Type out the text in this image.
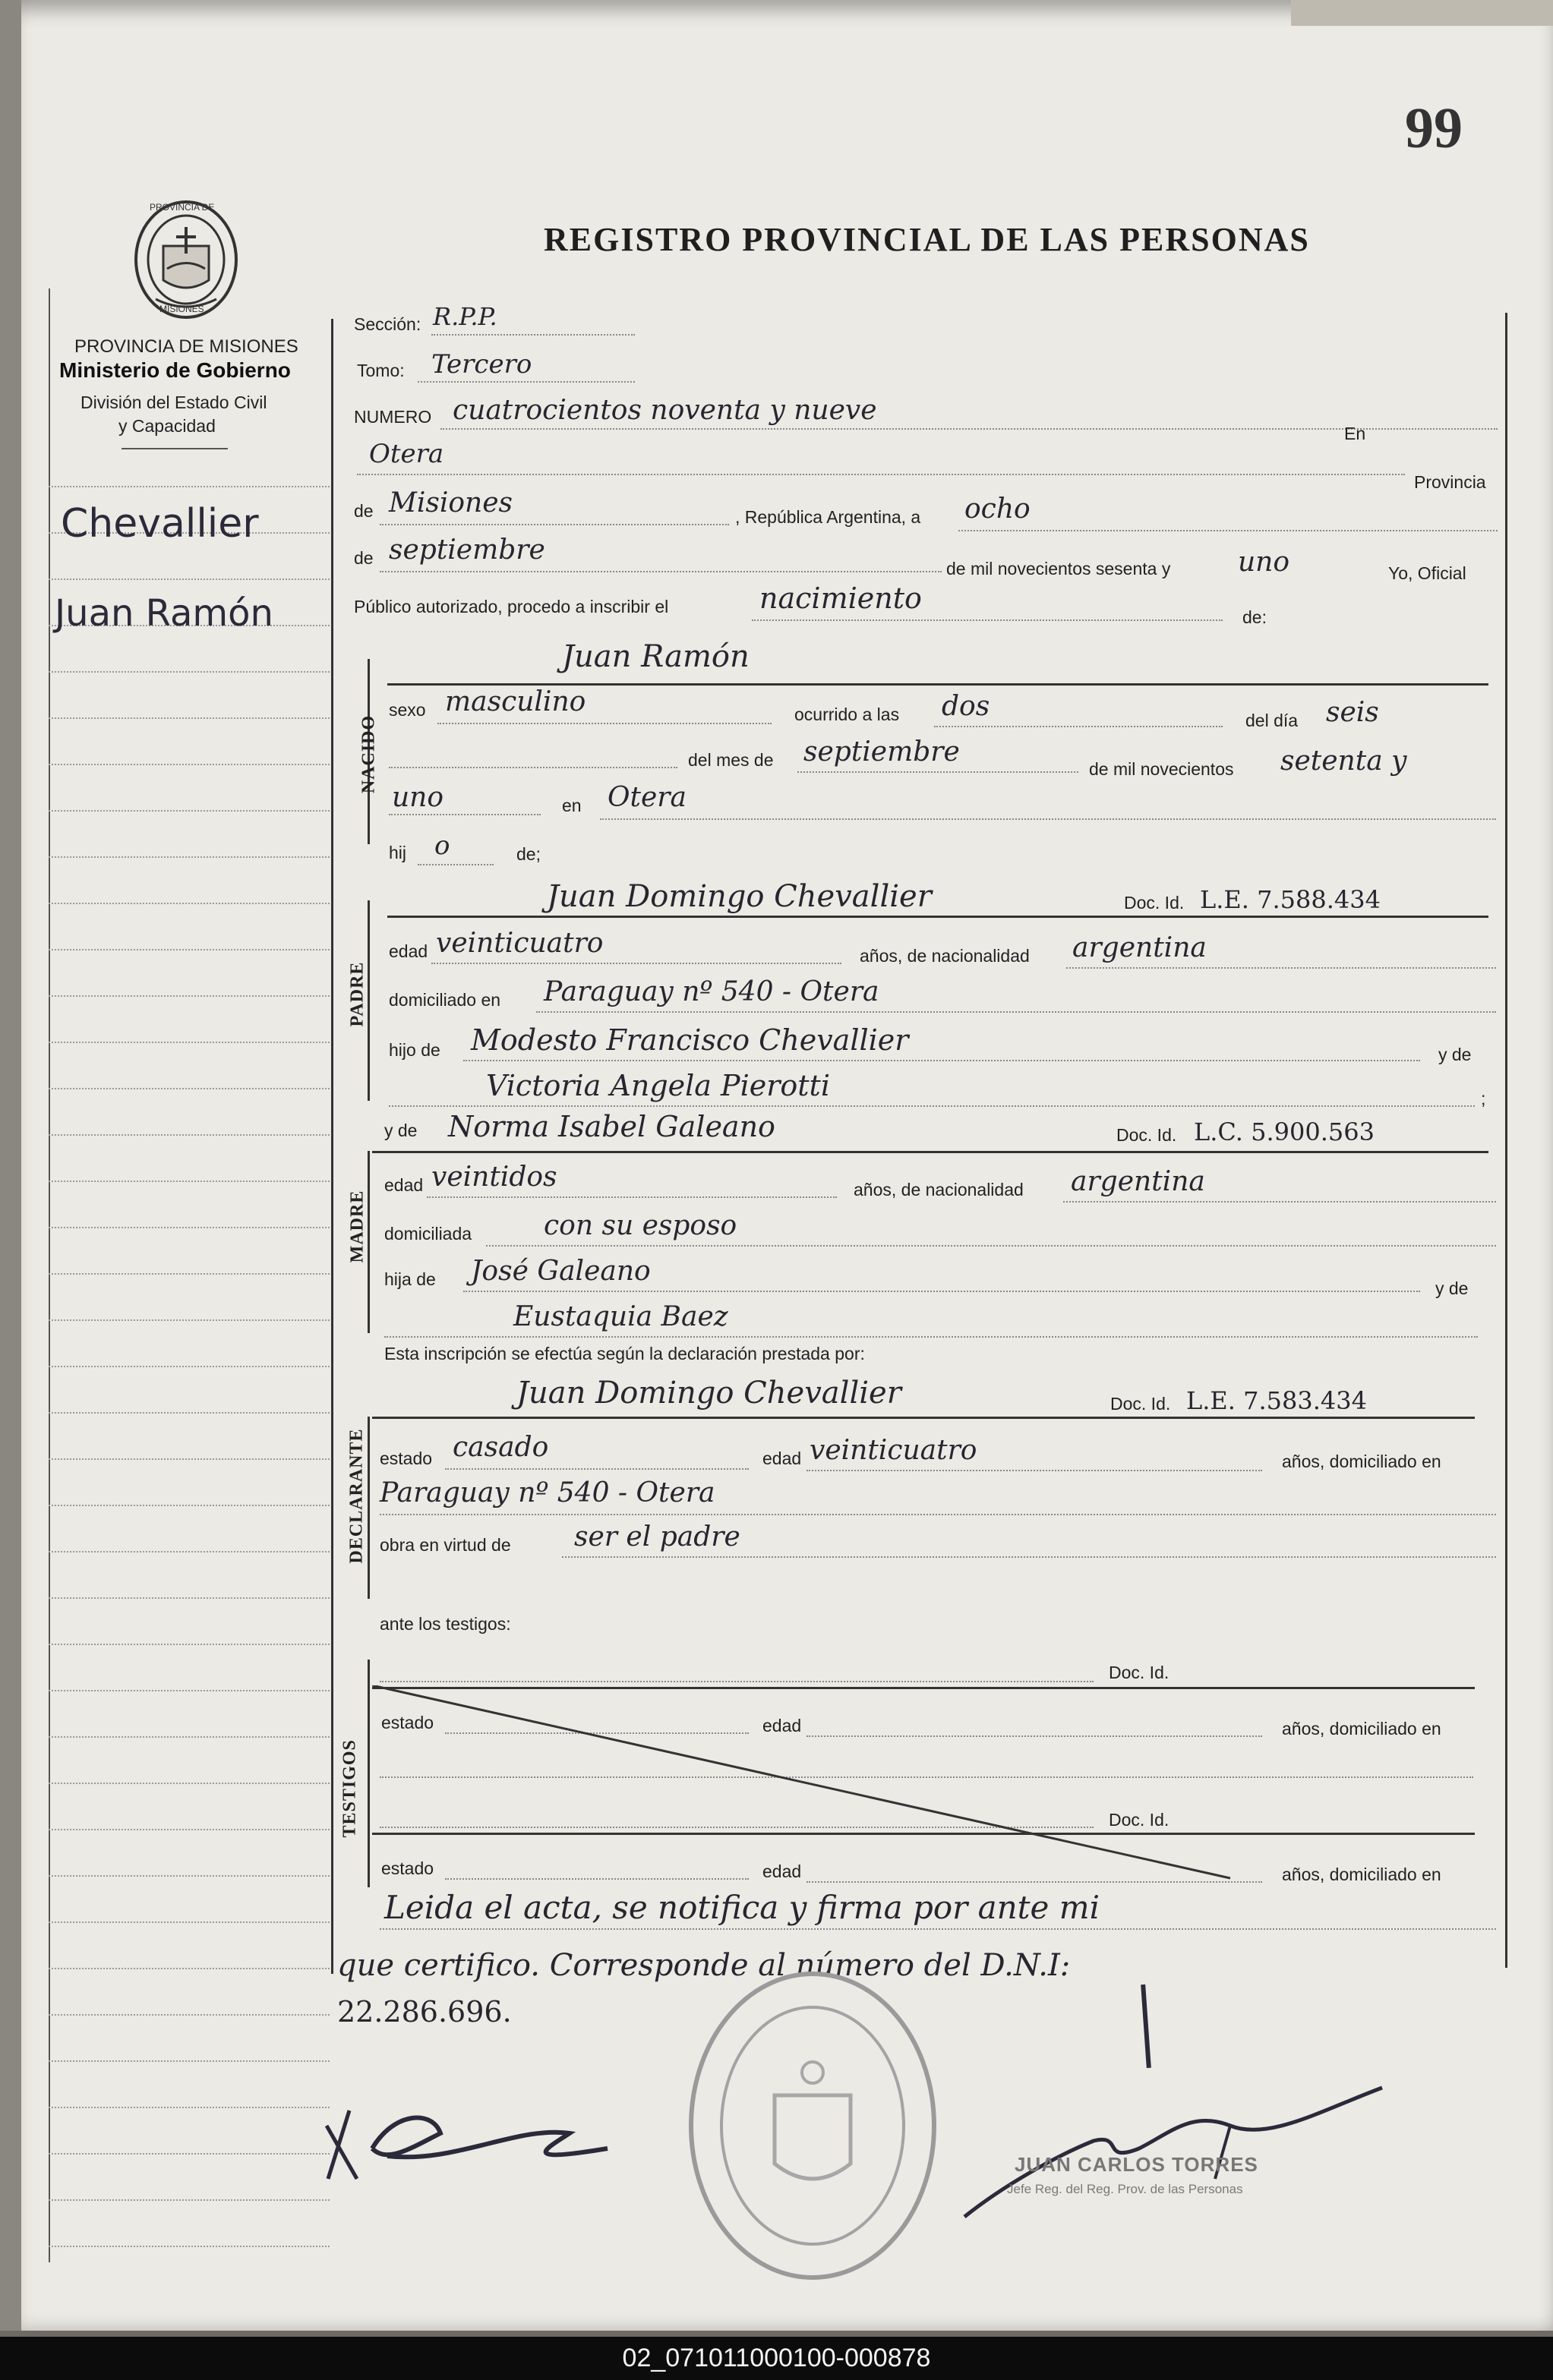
99
REGISTRO PROVINCIAL DE LAS PERSONAS
PROVINCIA DE
MISIONES
PROVINCIA DE MISIONES
Ministerio de Gobierno
División del Estado Civil
y Capacidad
Chevallier
Juan Ramón
Sección: R.P.P.
Tomo: Tercero
NUMERO cuatrocientos noventa y nueve
Otera
En
Provincia
de Misiones	, República Argentina, a ocho
de septiembre
de mil novecientos sesenta y uno	Yo, Oficial
Público autorizado, procedo a inscribir el	nacimiento
de:
NACIDO
Juan Ramón
sexo masculino	ocurrido a las dos	del día seis
del mes de septiembre
de mil novecientos setenta y
uno	en Otera
hij o	de;
PADRE
Juan Domingo Chevallier	Doc. Id. L.E. 7.588.434
edad veinticuatro	años, de nacionalidad argentina
domiciliado en Paraguay nº 540 - Otera
hijo de Modesto Francisco Chevallier	y de
Victoria Angela Pierotti	;
y de Norma Isabel Galeano	Doc. Id. L.C. 5.900.563
MADRE
edad veintidos	años, de nacionalidad argentina
domiciliada	con su esposo
hija de José Galeano
y de
Eustaquia Baez
Esta inscripción se efectúa según la declaración prestada por:
DECLARANTE
Juan Domingo Chevallier	Doc. Id. L.E. 7.583.434
estado casado	edad veinticuatro	años, domiciliado en
Paraguay nº 540 - Otera
obra en virtud de ser el padre
ante los testigos:
TESTIGOS
Doc. Id.
estado	edad	años, domiciliado en
Doc. Id.
estado	edad	años, domiciliado en
Leida el acta, se notifica y firma por ante mi
que certifico. Corresponde al número del D.N.I:
22.286.696.
JUAN CARLOS TORRES
Jefe Reg. del Reg. Prov. de las Personas
02_071011000100-000878
